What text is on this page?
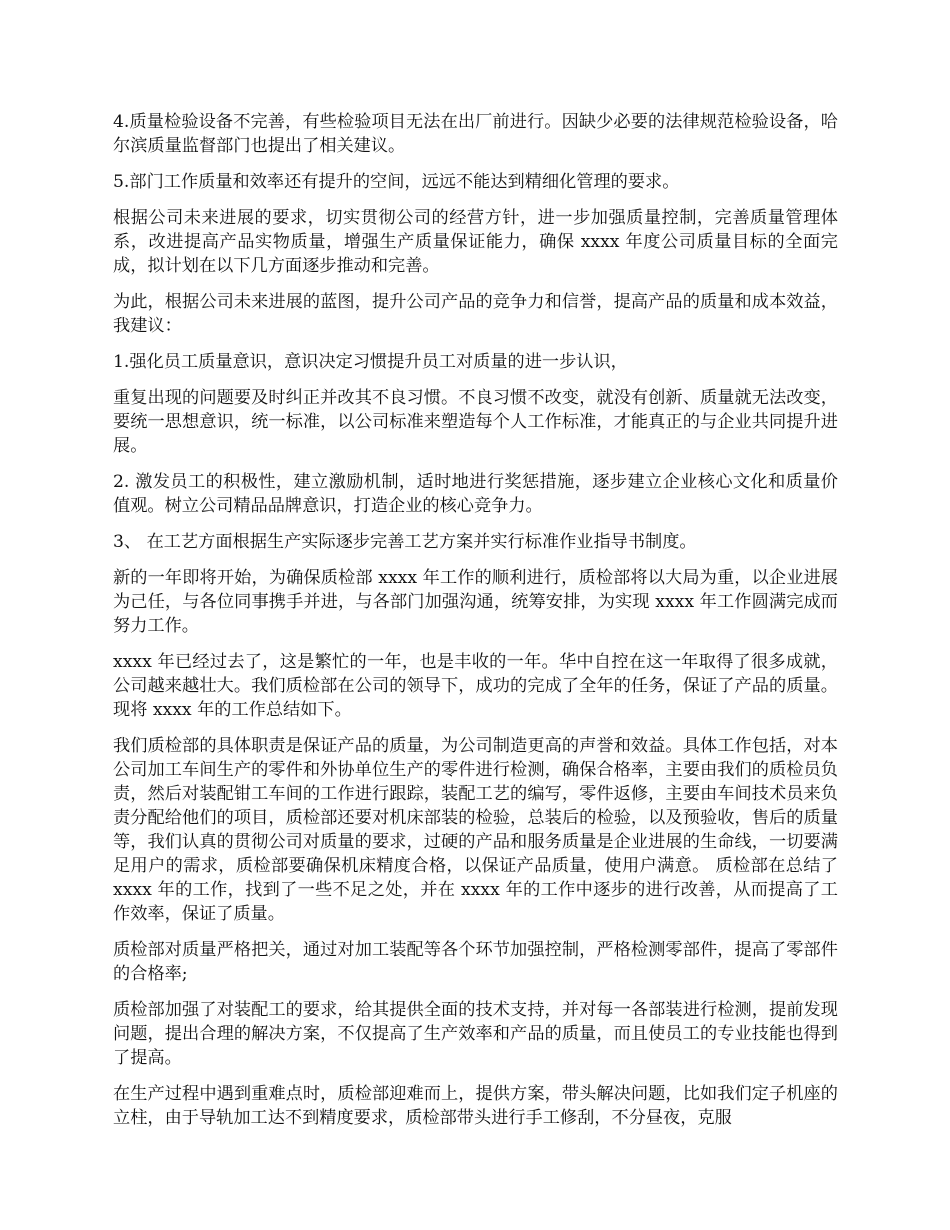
4.质量检验设备不完善，有些检验项目无法在出厂前进行。因缺少必要的法律规范检验设备，哈尔滨质量监督部门也提出了相关建议。

5.部门工作质量和效率还有提升的空间，远远不能达到精细化管理的要求。

根据公司未来进展的要求，切实贯彻公司的经营方针，进一步加强质量控制，完善质量管理体系，改进提高产品实物质量，增强生产质量保证能力，确保 xxxx 年度公司质量目标的全面完成，拟计划在以下几方面逐步推动和完善。

为此，根据公司未来进展的蓝图，提升公司产品的竞争力和信誉，提高产品的质量和成本效益，我建议：

1.强化员工质量意识，意识决定习惯提升员工对质量的进一步认识，

重复出现的问题要及时纠正并改其不良习惯。不良习惯不改变，就没有创新、质量就无法改变，要统一思想意识，统一标准，以公司标准来塑造每个人工作标准，才能真正的与企业共同提升进展。

2. 激发员工的积极性，建立激励机制，适时地进行奖惩措施，逐步建立企业核心文化和质量价值观。树立公司精品品牌意识，打造企业的核心竞争力。

3、 在工艺方面根据生产实际逐步完善工艺方案并实行标准作业指导书制度。

新的一年即将开始，为确保质检部 xxxx 年工作的顺利进行，质检部将以大局为重，以企业进展为己任，与各位同事携手并进，与各部门加强沟通，统筹安排，为实现 xxxx 年工作圆满完成而努力工作。

xxxx 年已经过去了，这是繁忙的一年，也是丰收的一年。华中自控在这一年取得了很多成就，公司越来越壮大。我们质检部在公司的领导下，成功的完成了全年的任务，保证了产品的质量。现将 xxxx 年的工作总结如下。

我们质检部的具体职责是保证产品的质量，为公司制造更高的声誉和效益。具体工作包括，对本公司加工车间生产的零件和外协单位生产的零件进行检测，确保合格率，主要由我们的质检员负责，然后对装配钳工车间的工作进行跟踪，装配工艺的编写，零件返修，主要由车间技术员来负责分配给他们的项目，质检部还要对机床部装的检验，总装后的检验，以及预验收，售后的质量等，我们认真的贯彻公司对质量的要求，过硬的产品和服务质量是企业进展的生命线，一切要满足用户的需求，质检部要确保机床精度合格，以保证产品质量，使用户满意。 质检部在总结了 xxxx 年的工作，找到了一些不足之处，并在 xxxx 年的工作中逐步的进行改善，从而提高了工作效率，保证了质量。

质检部对质量严格把关，通过对加工装配等各个环节加强控制，严格检测零部件，提高了零部件的合格率;

质检部加强了对装配工的要求，给其提供全面的技术支持，并对每一各部装进行检测，提前发现问题，提出合理的解决方案，不仅提高了生产效率和产品的质量，而且使员工的专业技能也得到了提高。

在生产过程中遇到重难点时，质检部迎难而上，提供方案，带头解决问题，比如我们定子机座的立柱，由于导轨加工达不到精度要求，质检部带头进行手工修刮，不分昼夜，克服
